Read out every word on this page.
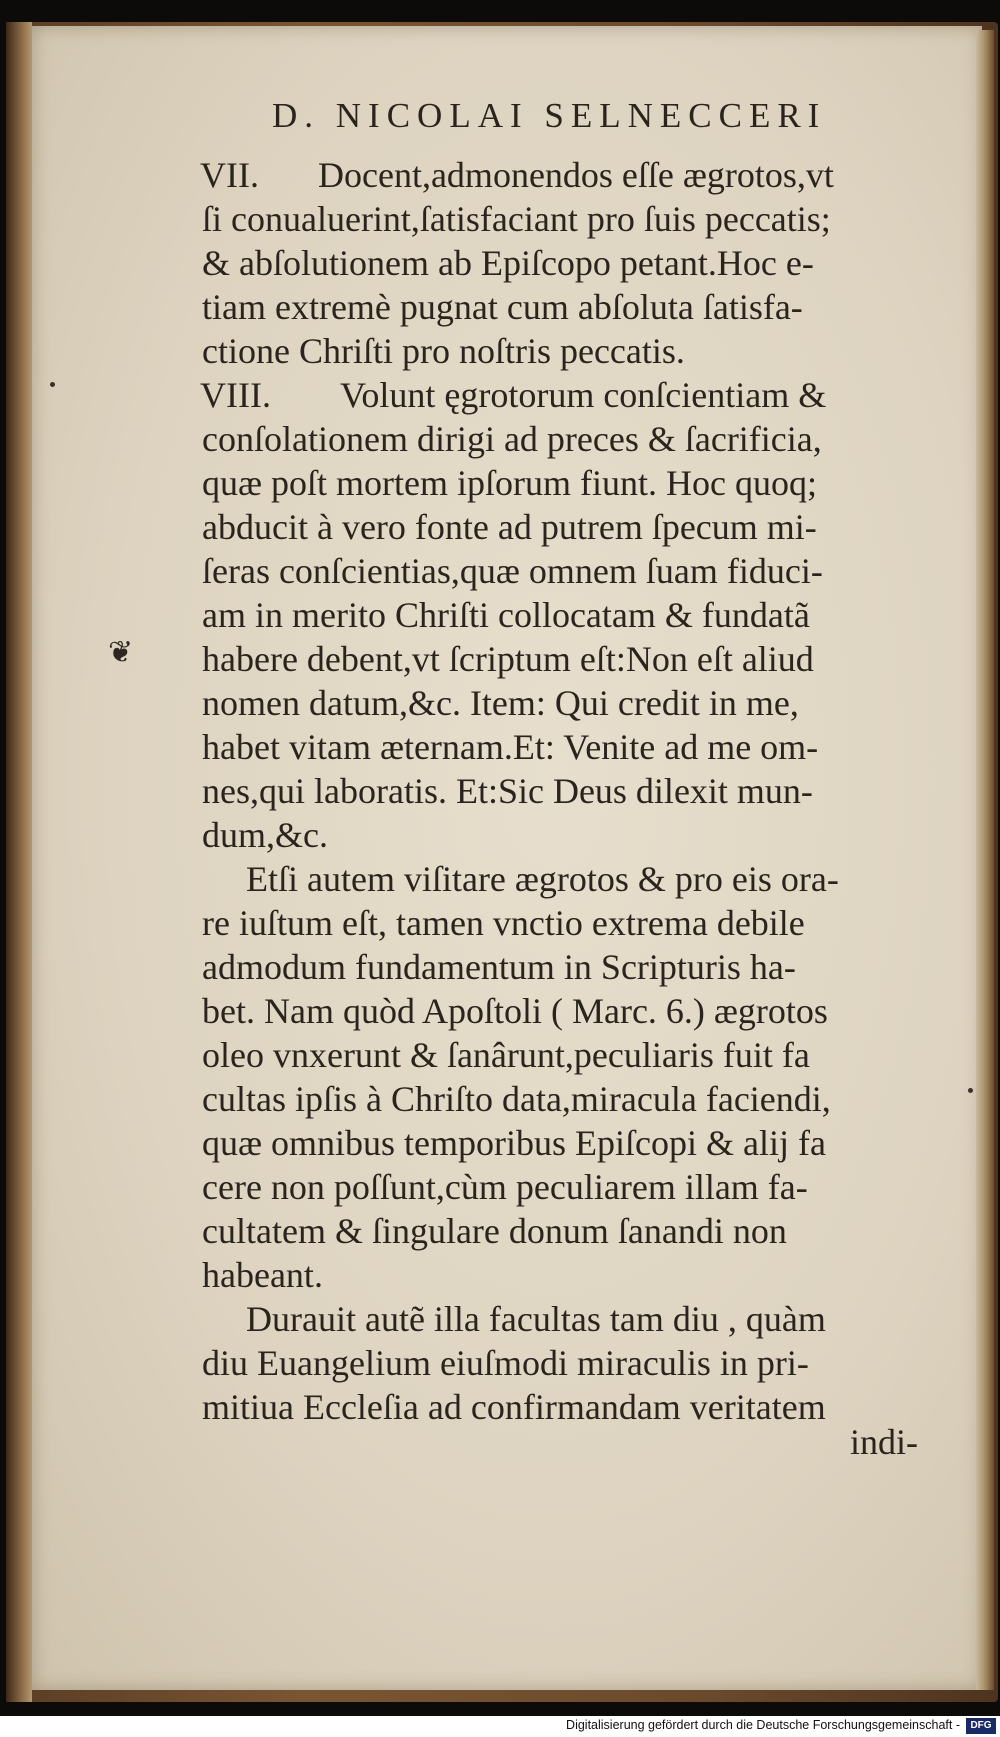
D. NICOLAI SELNECCERI
VII. Docent,admonendos eſſe ægrotos,vt
ſi conualuerint,ſatisfaciant pro ſuis peccatis;
& abſolutionem ab Epiſcopo petant.Hoc e-
tiam extremè pugnat cum abſoluta ſatisfa-
ctione Chriſti pro noſtris peccatis.
VIII. Volunt ęgrotorum conſcientiam &
conſolationem dirigi ad preces & ſacrificia,
quæ poſt mortem ipſorum fiunt. Hoc quoq;
abducit à vero fonte ad putrem ſpecum mi-
ſeras conſcientias,quæ omnem ſuam fiduci-
am in merito Chriſti collocatam & fundatã
habere debent,vt ſcriptum eſt:Non eſt aliud
nomen datum,&c. Item: Qui credit in me,
habet vitam æternam.Et: Venite ad me om-
nes,qui laboratis. Et:Sic Deus dilexit mun-
dum,&c.
Etſi autem viſitare ægrotos & pro eis ora-
re iuſtum eſt, tamen vnctio extrema debile
admodum fundamentum in Scripturis ha-
bet. Nam quòd Apoſtoli ( Marc. 6.) ægrotos
oleo vnxerunt & ſanârunt,peculiaris fuit fa
cultas ipſis à Chriſto data,miracula faciendi,
quæ omnibus temporibus Epiſcopi & alij fa
cere non poſſunt,cùm peculiarem illam fa-
cultatem & ſingulare donum ſanandi non
habeant.
Durauit autẽ illa facultas tam diu , quàm
diu Euangelium eiuſmodi miraculis in pri-
mitiua Eccleſia ad confirmandam veritatem
❦
indi-
Digitalisierung gefördert durch die Deutsche Forschungsgemeinschaft -	DFG
